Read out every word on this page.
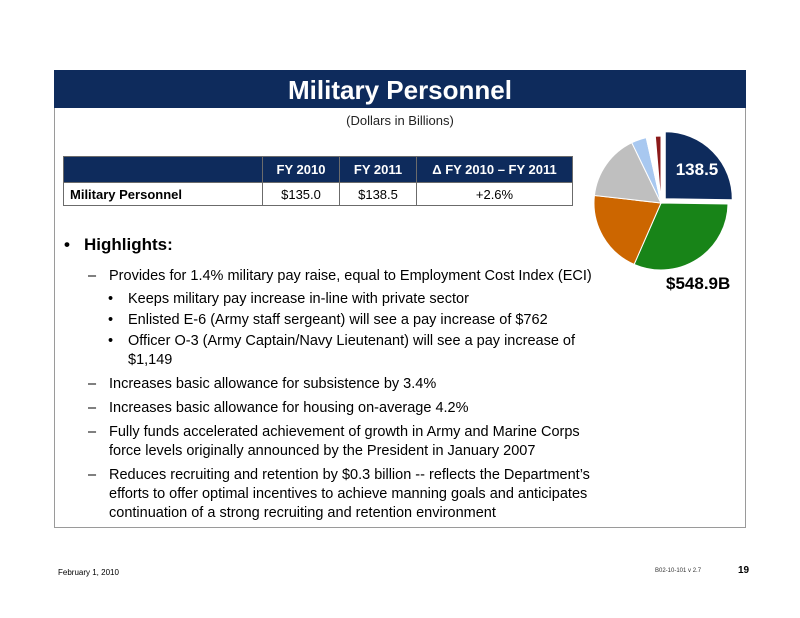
Military Personnel
(Dollars in Billions)
	FY 2010	FY 2011	Δ FY 2010 – FY 2011
Military Personnel	$135.0	$138.5	+2.6%
138.5
$548.9B
• Highlights:
– Provides for 1.4% military pay raise, equal to Employment Cost Index (ECI)
• Keeps military pay increase in-line with private sector
• Enlisted E-6 (Army staff sergeant) will see a pay increase of $762
• Officer O-3 (Army Captain/Navy Lieutenant) will see a pay increase of
$1,149
– Increases basic allowance for subsistence by 3.4%
– Increases basic allowance for housing on-average 4.2%
– Fully funds accelerated achievement of growth in Army and Marine Corps
force levels originally announced by the President in January 2007
– Reduces recruiting and retention by $0.3 billion -- reflects the Department’s
efforts to offer optimal incentives to achieve manning goals and anticipates
continuation of a strong recruiting and retention environment
February 1, 2010	B02-10-101 v 2.7	19
